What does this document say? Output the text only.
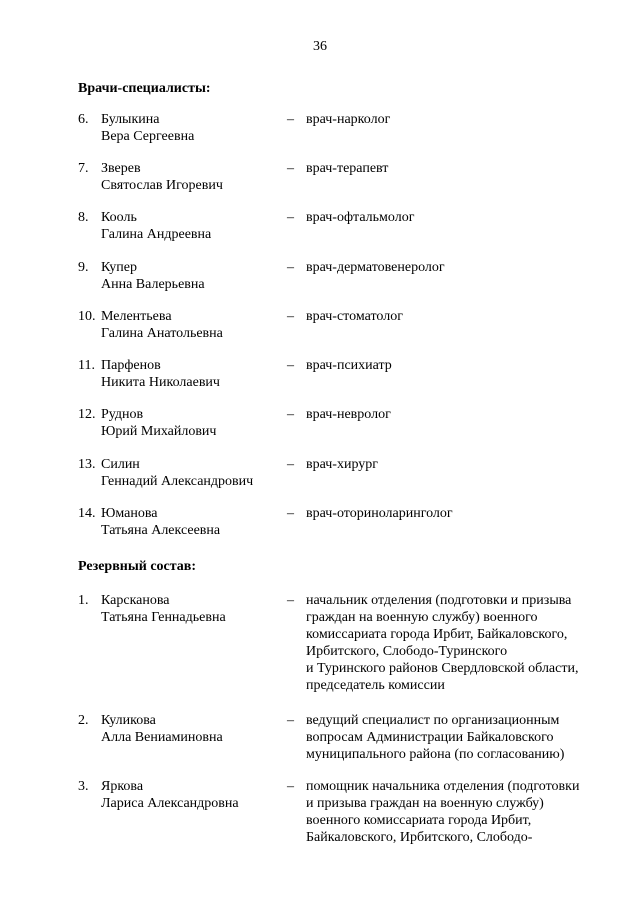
36
Врачи-специалисты:
6. Булыкина
Вера Сергеевна
– врач-нарколог
7. Зверев
Святослав Игоревич
– врач-терапевт
8. Кооль
Галина Андреевна
– врач-офтальмолог
9. Купер
Анна Валерьевна
– врач-дерматовенеролог
10. Мелентьева
Галина Анатольевна
– врач-стоматолог
11. Парфенов
Никита Николаевич
– врач-психиатр
12. Руднов
Юрий Михайлович
– врач-невролог
13. Силин
Геннадий Александрович
– врач-хирург
14. Юманова
Татьяна Алексеевна
– врач-оториноларинголог
Резервный состав:
1. Карсканова
Татьяна Геннадьевна
– начальник отделения (подготовки и призыва
граждан на военную службу) военного
комиссариата города Ирбит, Байкаловского,
Ирбитского, Слободо-Туринского
и Туринского районов Свердловской области,
председатель комиссии
2. Куликова
Алла Вениаминовна
– ведущий специалист по организационным
вопросам Администрации Байкаловского
муниципального района (по согласованию)
3. Яркова
Лариса Александровна
– помощник начальника отделения (подготовки
и призыва граждан на военную службу)
военного комиссариата города Ирбит,
Байкаловского, Ирбитского, Слободо-
